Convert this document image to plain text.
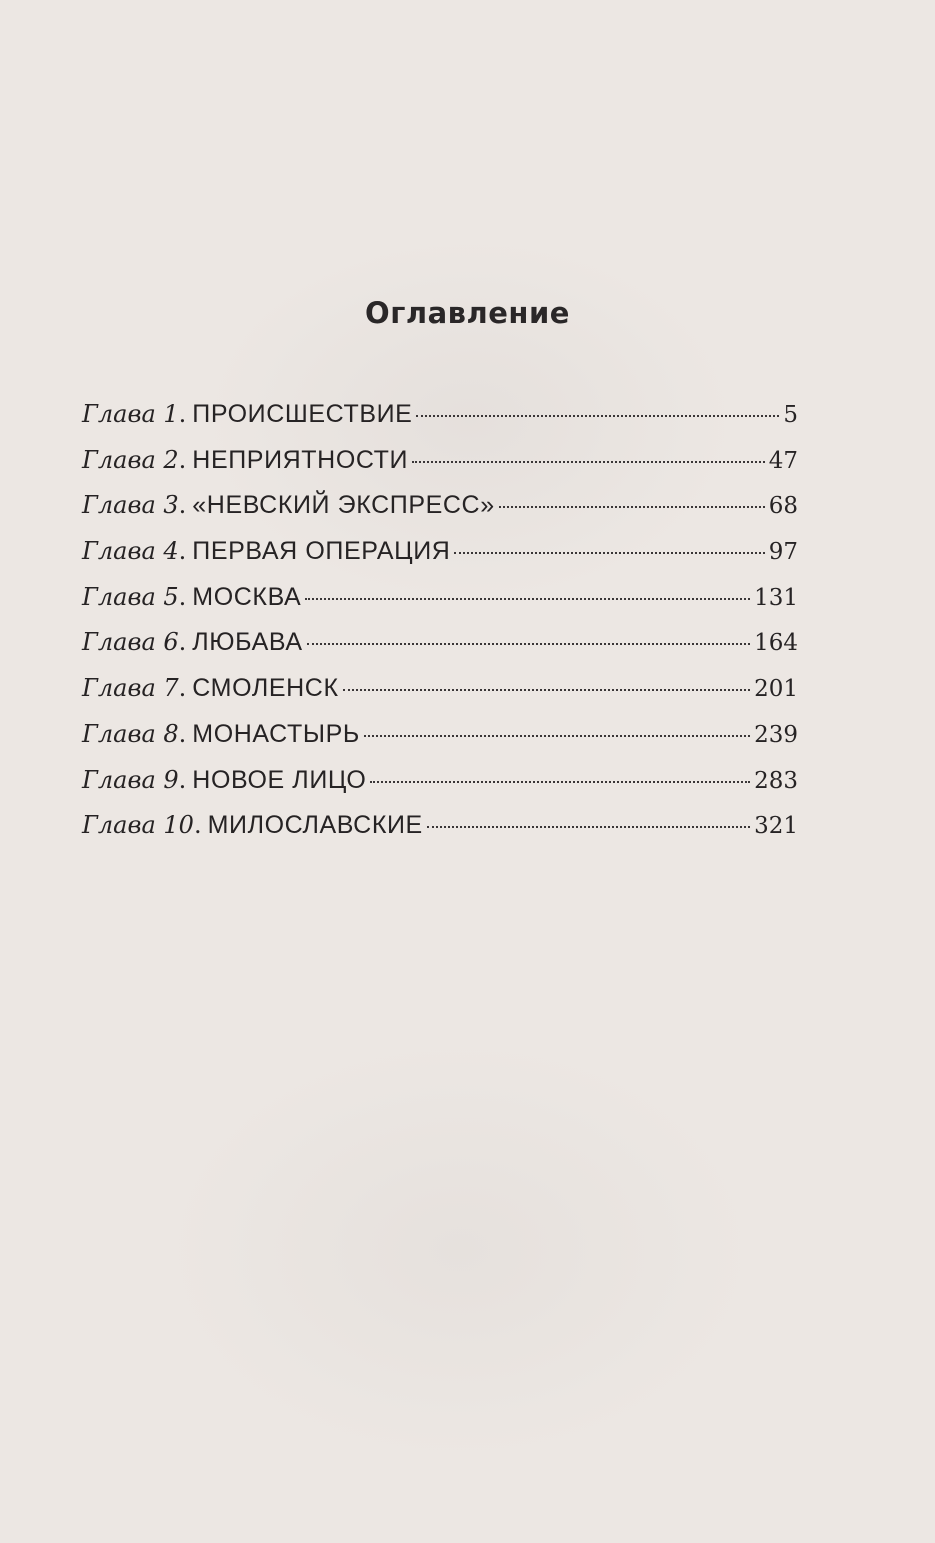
Оглавление
Глава 1 . ПРОИСШЕСТВИЕ	5
Глава 2 . НЕПРИЯТНОСТИ	47
Глава 3 . «НЕВСКИЙ ЭКСПРЕСС»	68
Глава 4 . ПЕРВАЯ ОПЕРАЦИЯ	97
Глава 5 . МОСКВА	131
Глава 6 . ЛЮБАВА	164
Глава 7 . СМОЛЕНСК	201
Глава 8 . МОНАСТЫРЬ	239
Глава 9 . НОВОЕ ЛИЦО	283
Глава 10 . МИЛОСЛАВСКИЕ	321
